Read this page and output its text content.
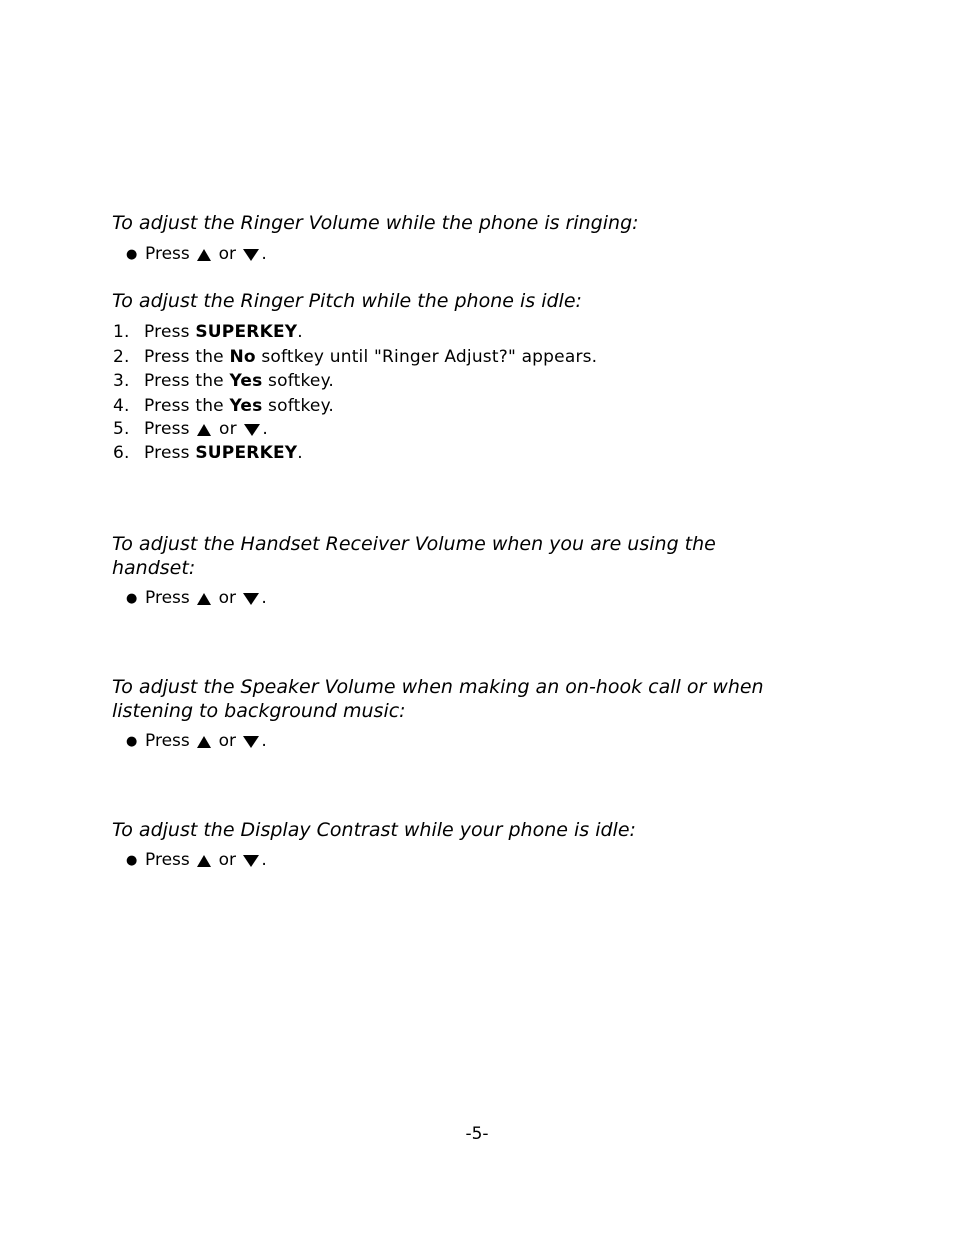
To adjust the Ringer Volume while the phone is ringing:
● Press or .
To adjust the Ringer Pitch while the phone is idle:
1. Press SUPERKEY.
2. Press the No softkey until "Ringer Adjust?" appears.
3. Press the Yes softkey.
4. Press the Yes softkey.
5. Press or .
6. Press SUPERKEY.
To adjust the Handset Receiver Volume when you are using the
handset:
● Press or .
To adjust the Speaker Volume when making an on-hook call or when
listening to background music:
● Press or .
To adjust the Display Contrast while your phone is idle:
● Press or .
-5-
